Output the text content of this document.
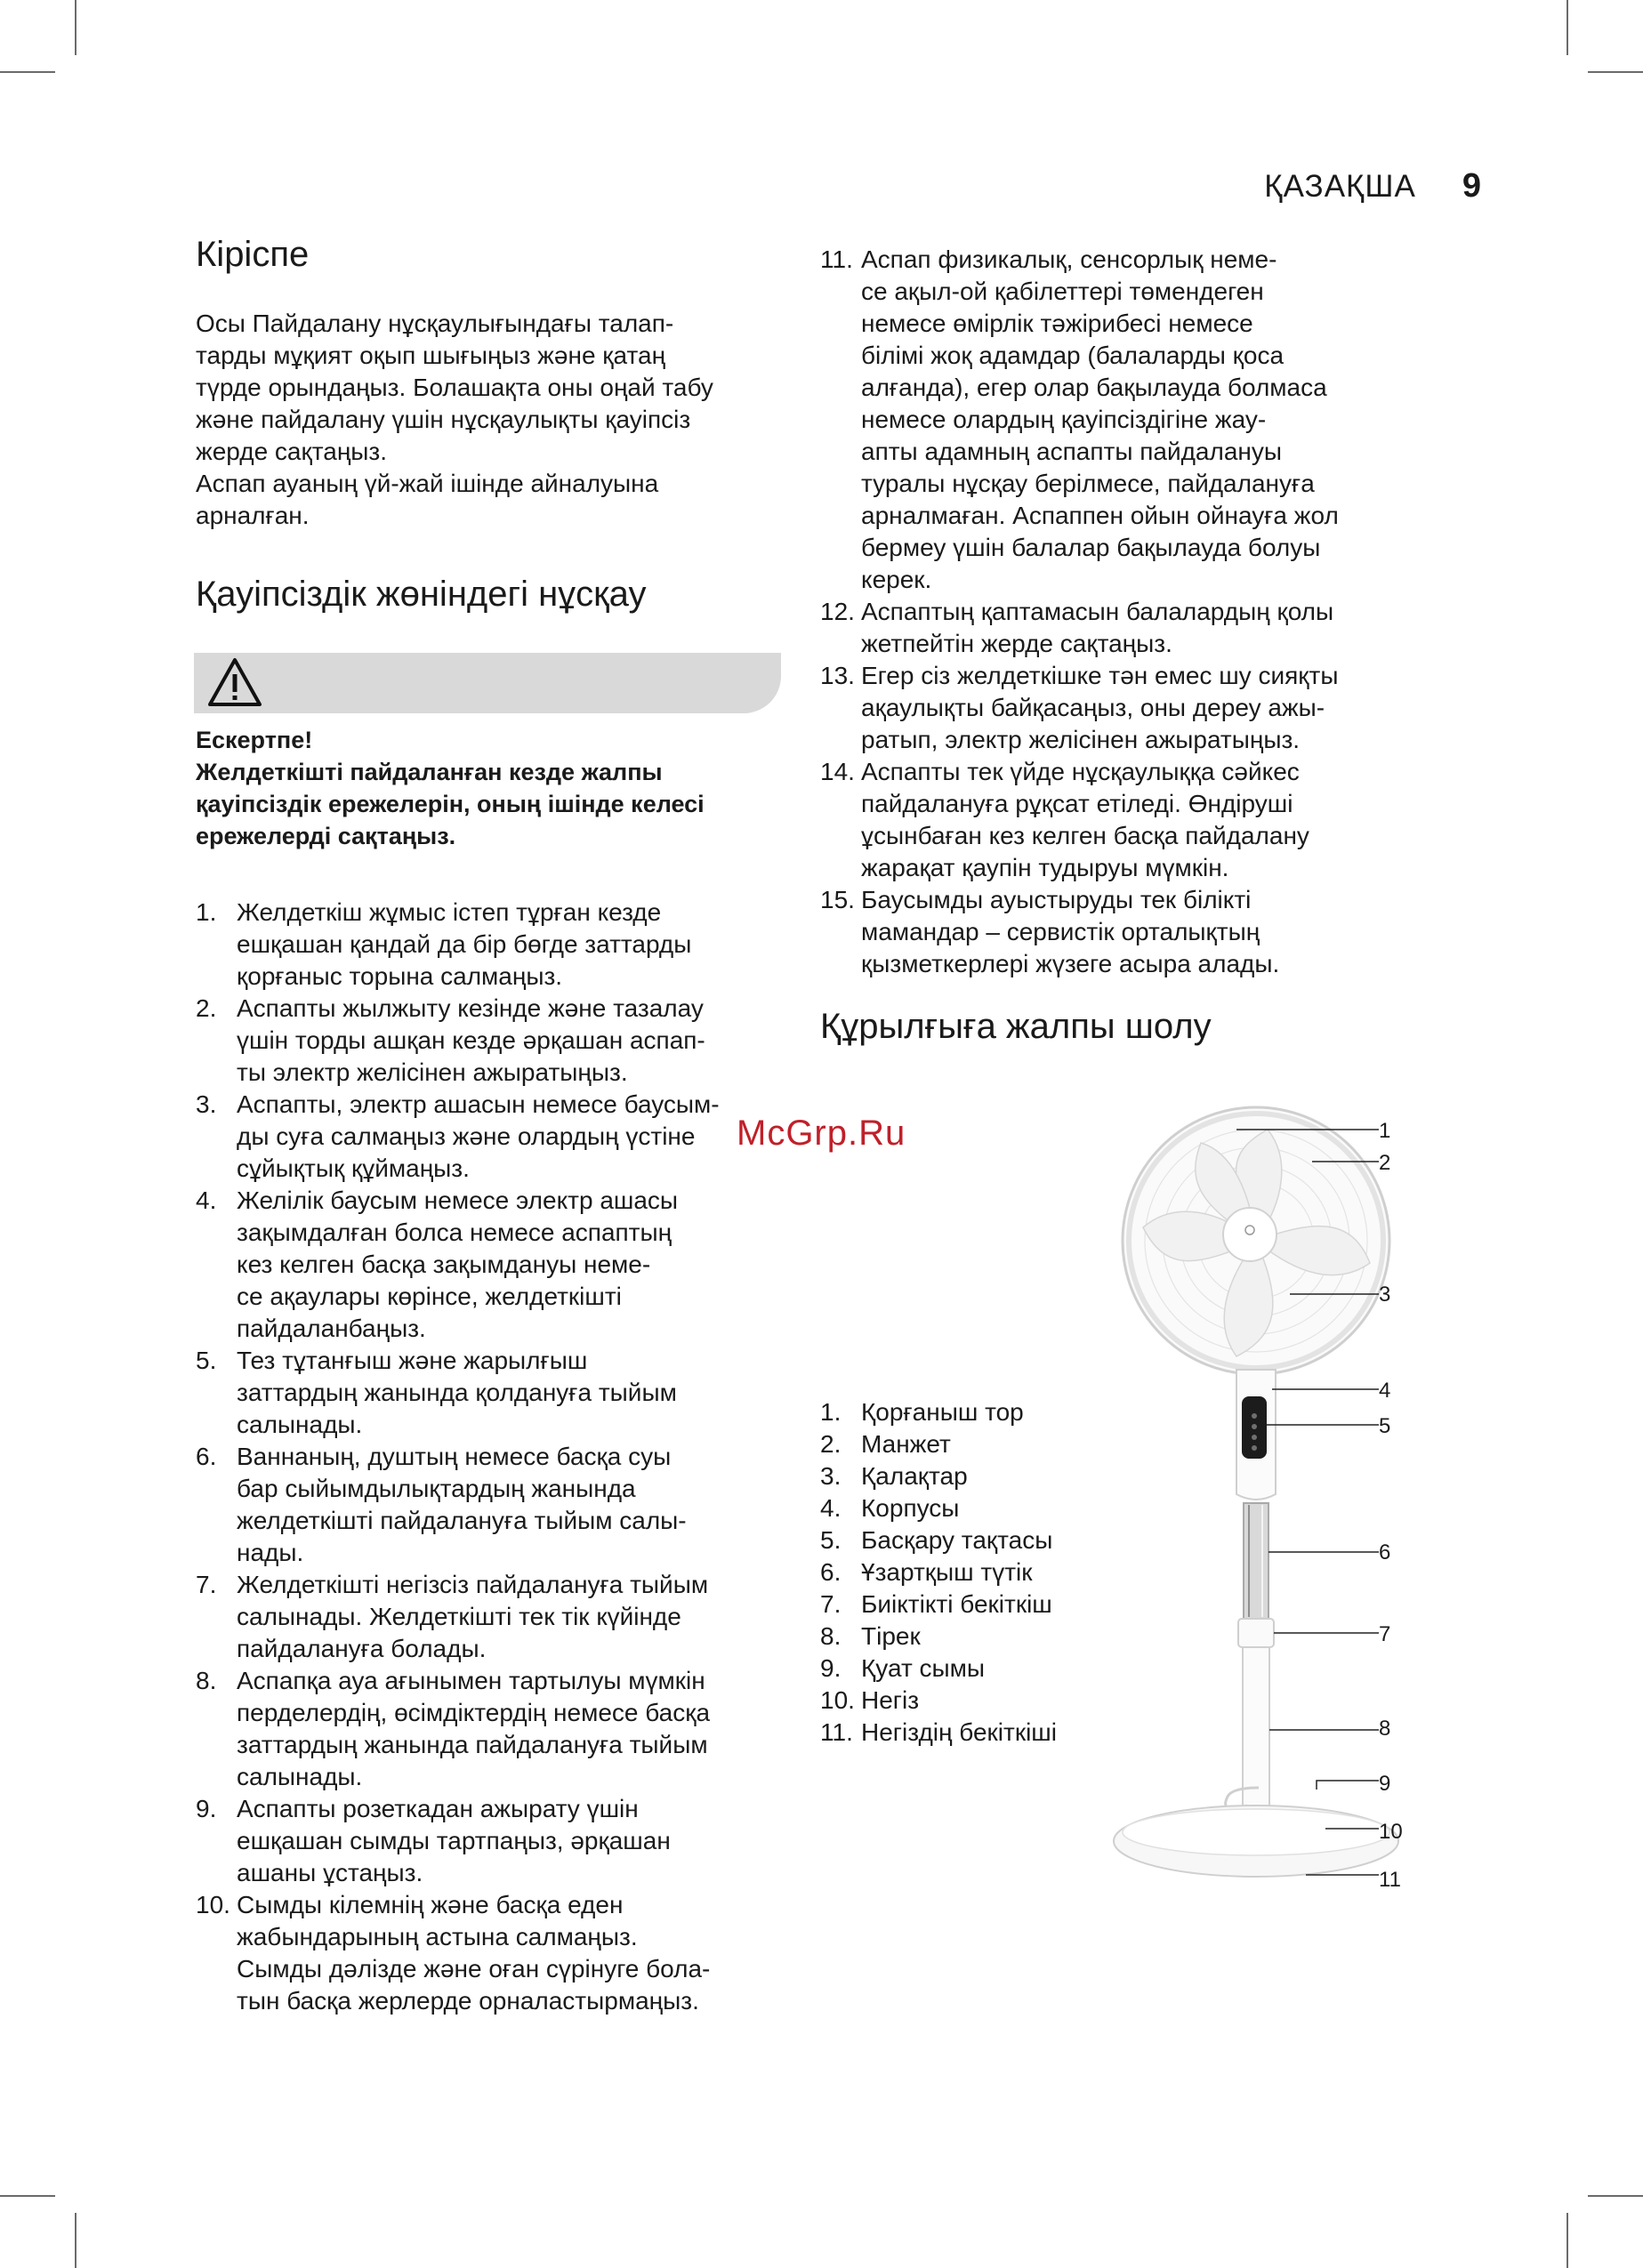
ҚАЗАҚША 9
Кіріспе

Осы Пайдалану нұсқаулығындағы талап-

тарды мұқият оқып шығыңыз және қатаң

түрде орындаңыз. Болашақта оны оңай табу

және пайдалану үшін нұсқаулықты қауіпсіз

жерде сақтаңыз.

Аспап ауаның үй-жай ішінде айналуына

арналған.

Қауіпсіздік жөніндегі нұсқау
Ескертпе!
Желдеткішті пайдаланған кезде жалпы
қауіпсіздік ережелерін, оның ішінде келесі
ережелерді сақтаңыз.
1. Желдеткіш жұмыс істеп тұрған кезде
ешқашан қандай да бір бөгде заттарды
қорғаныс торына салмаңыз.
2. Аспапты жылжыту кезінде және тазалау
үшін торды ашқан кезде әрқашан аспап-
ты электр желісінен ажыратыңыз.
3. Аспапты, электр ашасын немесе баусым-
ды суға салмаңыз және олардың үстіне
сұйықтық құймаңыз.
4. Желілік баусым немесе электр ашасы
зақымдалған болса немесе аспаптың
кез келген басқа зақымдануы неме-
се ақаулары көрінсе, желдеткішті
пайдаланбаңыз.
5. Тез тұтанғыш және жарылғыш
заттардың жанында қолдануға тыйым
салынады.
6. Ваннаның, душтың немесе басқа суы
бар сыйымдылықтардың жанында
желдеткішті пайдалануға тыйым салы-
нады.
7. Желдеткішті негізсіз пайдалануға тыйым
салынады. Желдеткішті тек тік күйінде
пайдалануға болады.
8. Аспапқа ауа ағынымен тартылуы мүмкін
перделердің, өсімдіктердің немесе басқа
заттардың жанында пайдалануға тыйым
салынады.
9. Аспапты розеткадан ажырату үшін
ешқашан сымды тартпаңыз, әрқашан
ашаны ұстаңыз.
10. Сымды кілемнің және басқа еден
жабындарының астына салмаңыз.
Сымды дәлізде және оған сүрінуге бола-
тын басқа жерлерде орналастырмаңыз.
11. Аспап физикалық, сенсорлық неме-
се ақыл-ой қабілеттері төмендеген
немесе өмірлік тәжірибесі немесе
білімі жоқ адамдар (балаларды қоса
алғанда), егер олар бақылауда болмаса
немесе олардың қауіпсіздігіне жау-
апты адамның аспапты пайдалануы
туралы нұсқау берілмесе, пайдалануға
арналмаған. Аспаппен ойын ойнауға жол
бермеу үшін балалар бақылауда болуы
керек.
12. Аспаптың қаптамасын балалардың қолы
жетпейтін жерде сақтаңыз.
13. Егер сіз желдеткішке тән емес шу сияқты
ақаулықты байқасаңыз, оны дереу ажы-
ратып, электр желісінен ажыратыңыз.
14. Аспапты тек үйде нұсқаулыққа сәйкес
пайдалануға рұқсат етіледі. Өндіруші
ұсынбаған кез келген басқа пайдалану
жарақат қаупін тудыруы мүмкін.
15. Баусымды ауыстыруды тек білікті
мамандар – сервистік орталықтың
қызметкерлері жүзеге асыра алады.
Құрылғыға жалпы шолу
1. Қорғаныш тор
2. Манжет
3. Қалақтар
4. Корпусы
5. Басқару тақтасы
6. Ұзартқыш түтік
7. Биіктікті бекіткіш
8. Тірек
9. Қуат сымы
10. Негіз
11. Негіздің бекіткіші
McGrp.Ru	1
2
3
4
5
6
7
8
9
10
11
